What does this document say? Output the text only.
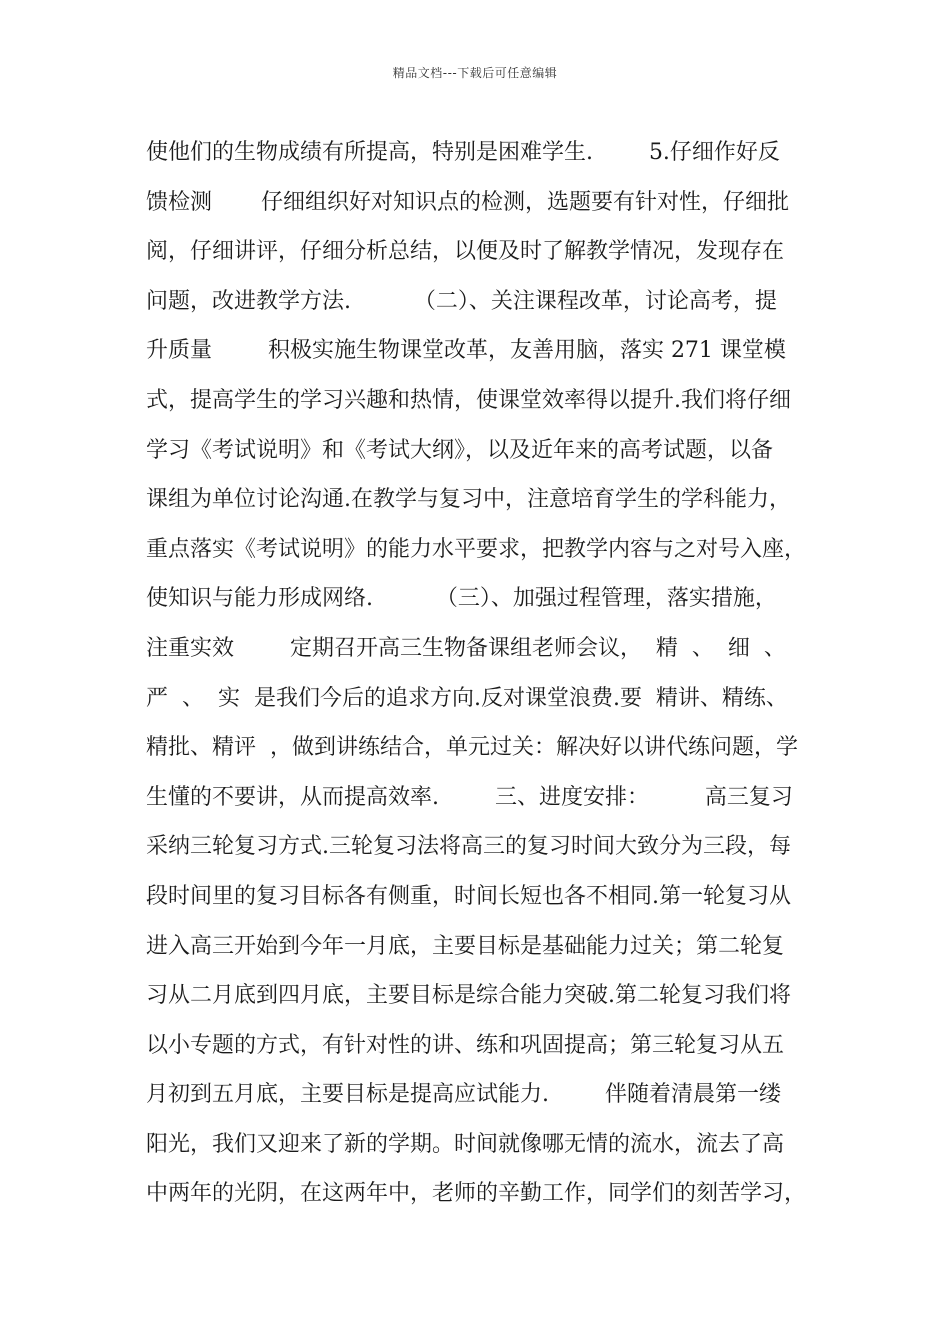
精品文档---下载后可任意编辑
使他们的生物成绩有所提高，特别是困难学生.        5.仔细作好反
馈检测       仔细组织好对知识点的检测，选题要有针对性，仔细批
阅，仔细讲评，仔细分析总结，以便及时了解教学情况，发现存在
问题，改进教学方法.         （二）、关注课程改革，讨论高考，提
升质量        积极实施生物课堂改革，友善用脑，落实 271 课堂模
式，提高学生的学习兴趣和热情，使课堂效率得以提升.我们将仔细
学习《考试说明》和《考试大纲》，以及近年来的高考试题，以备
课组为单位讨论沟通.在教学与复习中，注意培育学生的学科能力，
重点落实《考试说明》的能力水平要求，把教学内容与之对号入座，
使知识与能力形成网络.         （三）、加强过程管理，落实措施，
注重实效        定期召开高三生物备课组老师会议，  精  、  细  、
严  、  实  是我们今后的追求方向.反对课堂浪费.要  精讲、精练、
精批、精评  ，做到讲练结合，单元过关：解决好以讲代练问题，学
生懂的不要讲，从而提高效率.        三、进度安排：        高三复习
采纳三轮复习方式.三轮复习法将高三的复习时间大致分为三段，每
段时间里的复习目标各有侧重，时间长短也各不相同.第一轮复习从
进入高三开始到今年一月底，主要目标是基础能力过关；第二轮复
习从二月底到四月底，主要目标是综合能力突破.第二轮复习我们将
以小专题的方式，有针对性的讲、练和巩固提高；第三轮复习从五
月初到五月底，主要目标是提高应试能力.        伴随着清晨第一缕
阳光，我们又迎来了新的学期。时间就像哪无情的流水，流去了高
中两年的光阴，在这两年中，老师的辛勤工作，同学们的刻苦学习，
